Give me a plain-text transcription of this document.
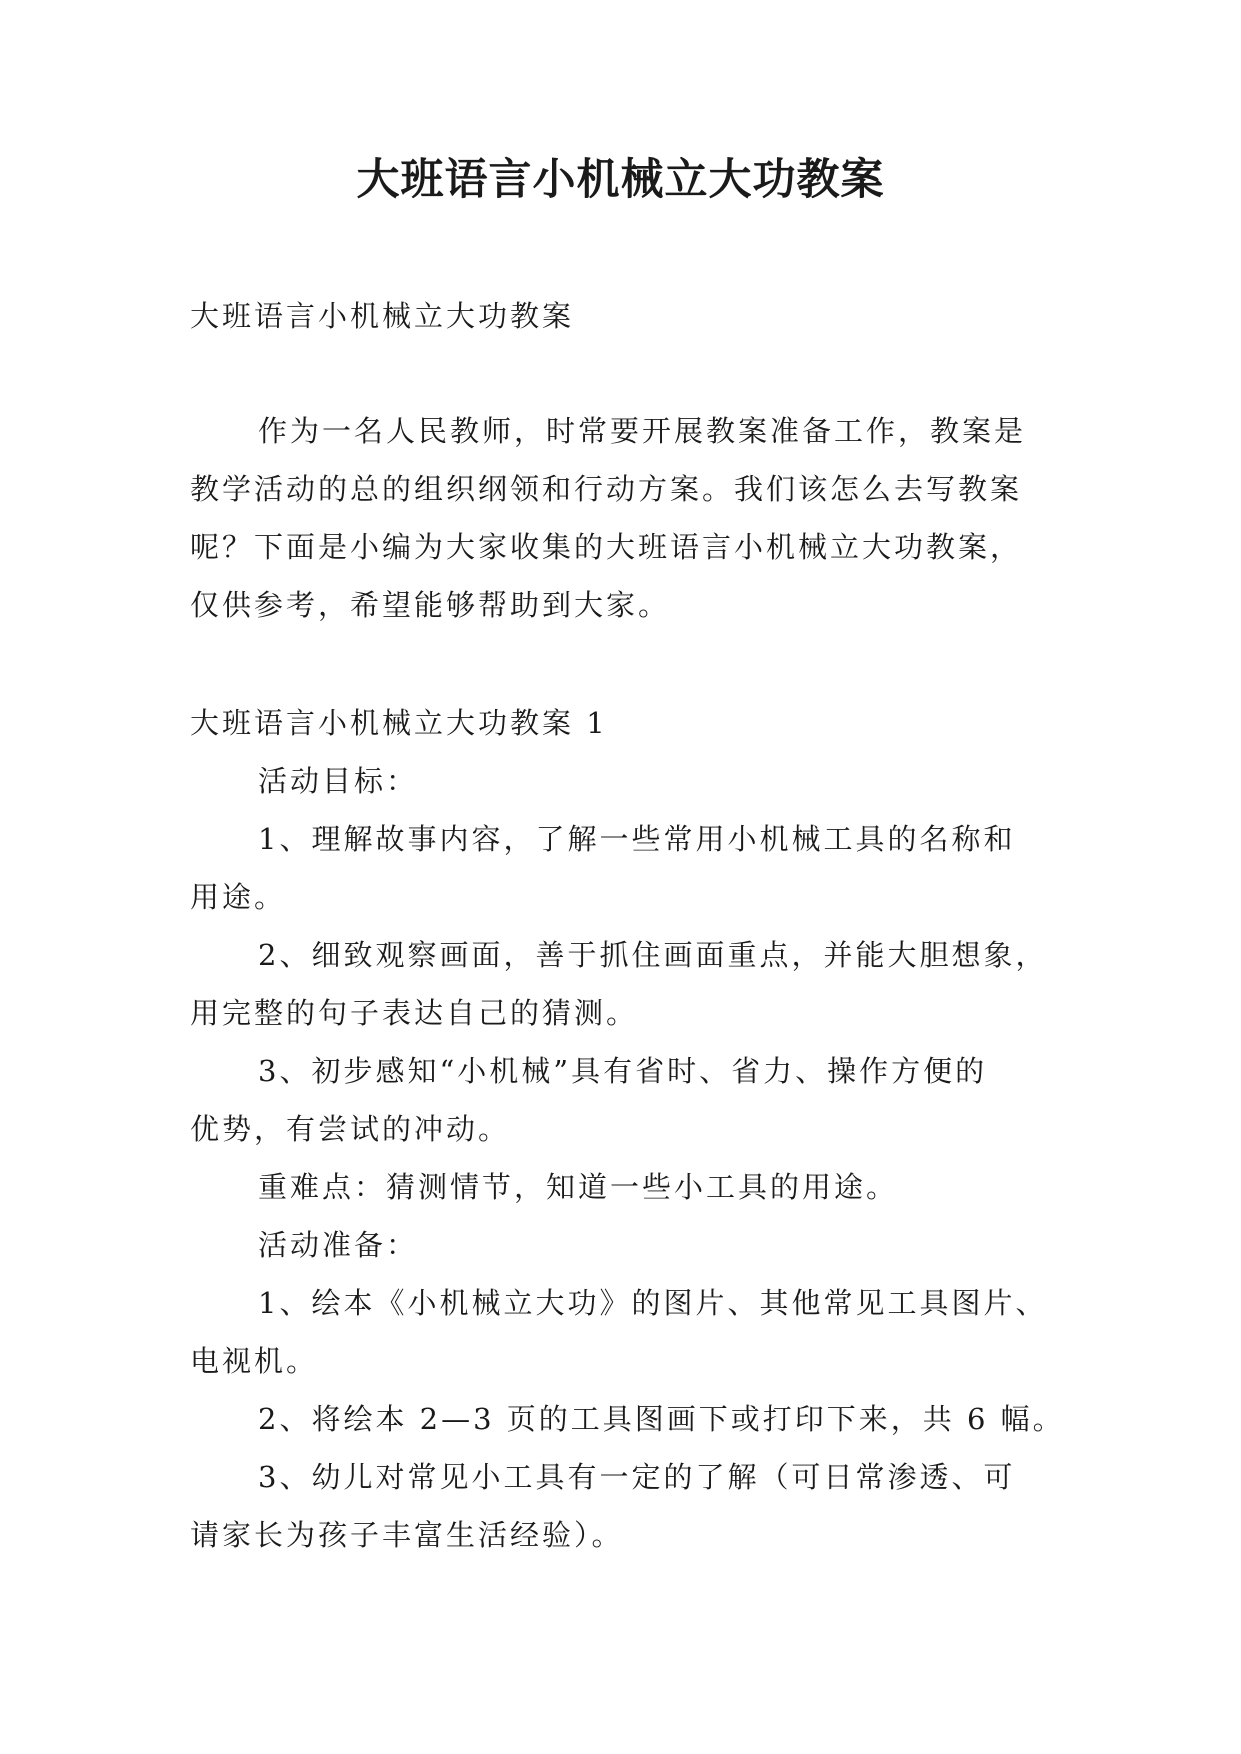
大班语言小机械立大功教案
大班语言小机械立大功教案

作为一名人民教师，时常要开展教案准备工作，教案是

教学活动的总的组织纲领和行动方案。我们该怎么去写教案

呢？下面是小编为大家收集的大班语言小机械立大功教案，

仅供参考，希望能够帮助到大家。

大班语言小机械立大功教案 1

活动目标：

1、理解故事内容，了解一些常用小机械工具的名称和

用途。

2、细致观察画面，善于抓住画面重点，并能大胆想象，

用完整的句子表达自己的猜测。

3、初步感知“小机械”具有省时、省力、操作方便的

优势，有尝试的冲动。

重难点：猜测情节，知道一些小工具的用途。

活动准备：

1、绘本《小机械立大功》的图片、其他常见工具图片、

电视机。

2、将绘本 2—3 页的工具图画下或打印下来，共 6 幅。

3、幼儿对常见小工具有一定的了解（可日常渗透、可

请家长为孩子丰富生活经验）。
